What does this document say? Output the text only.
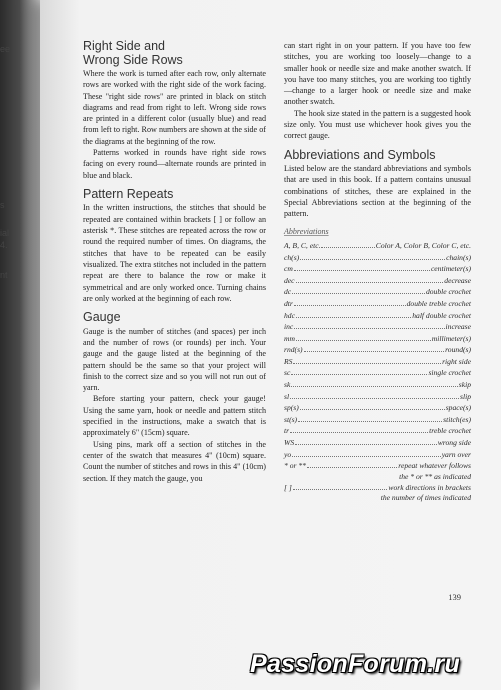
ee
s
ial
4.
nt
Right Side and
Wrong Side Rows

Where the work is turned after each row, only alternate rows are worked with the right side of the work facing. These "right side rows" are printed in black on stitch diagrams and read from right to left. Wrong side rows are printed in a different color (usually blue) and read from left to right. Row numbers are shown at the side of the diagrams at the beginning of the row.

Patterns worked in rounds have right side rows facing on every round—alternate rounds are printed in blue and black.

Pattern Repeats

In the written instructions, the stitches that should be repeated are contained within brackets [ ] or follow an asterisk *. These stitches are repeated across the row or round the required number of times. On diagrams, the stitches that have to be repeated can be easily visualized. The extra stitches not included in the pattern repeat are there to balance the row or make it symmetrical and are only worked once. Turning chains are only worked at the beginning of each row.

Gauge

Gauge is the number of stitches (and spaces) per inch and the number of rows (or rounds) per inch. Your gauge and the gauge listed at the beginning of the pattern should be the same so that your project will finish to the correct size and so you will not run out of yarn.

Before starting your pattern, check your gauge! Using the same yarn, hook or needle and pattern stitch specified in the instructions, make a swatch that is approximately 6" (15cm) square.

Using pins, mark off a section of stitches in the center of the swatch that measures 4" (10cm) square. Count the number of stitches and rows in this 4" (10cm) section. If they match the gauge, you

can start right in on your pattern. If you have too few stitches, you are working too loosely—change to a smaller hook or needle size and make another swatch. If you have too many stitches, you are working too tightly—change to a larger hook or needle size and make another swatch.

The hook size stated in the pattern is a suggested hook size only. You must use whichever hook gives you the correct gauge.

Abbreviations and Symbols

Listed below are the standard abbreviations and symbols that are used in this book. If a pattern contains unusual combinations of stitches, these are explained in the Special Abbreviations section at the beginning of the pattern.

Abbreviations
A, B, C, etc.	Color A, Color B, Color C, etc.
ch(s)	chain(s)
cm	centimeter(s)
dec	decrease
dc	double crochet
dtr	double treble crochet
hdc	half double crochet
inc	increase
mm	millimeter(s)
rnd(s)	round(s)
RS	right side
sc	single crochet
sk	skip
sl	slip
sp(s)	space(s)
st(s)	stitch(es)
tr	treble crochet
WS	wrong side
yo	yarn over
* or **	repeat whatever follows
the * or ** as indicated
[ ]	work directions in brackets
the number of times indicated
139
PassionForum.ru
